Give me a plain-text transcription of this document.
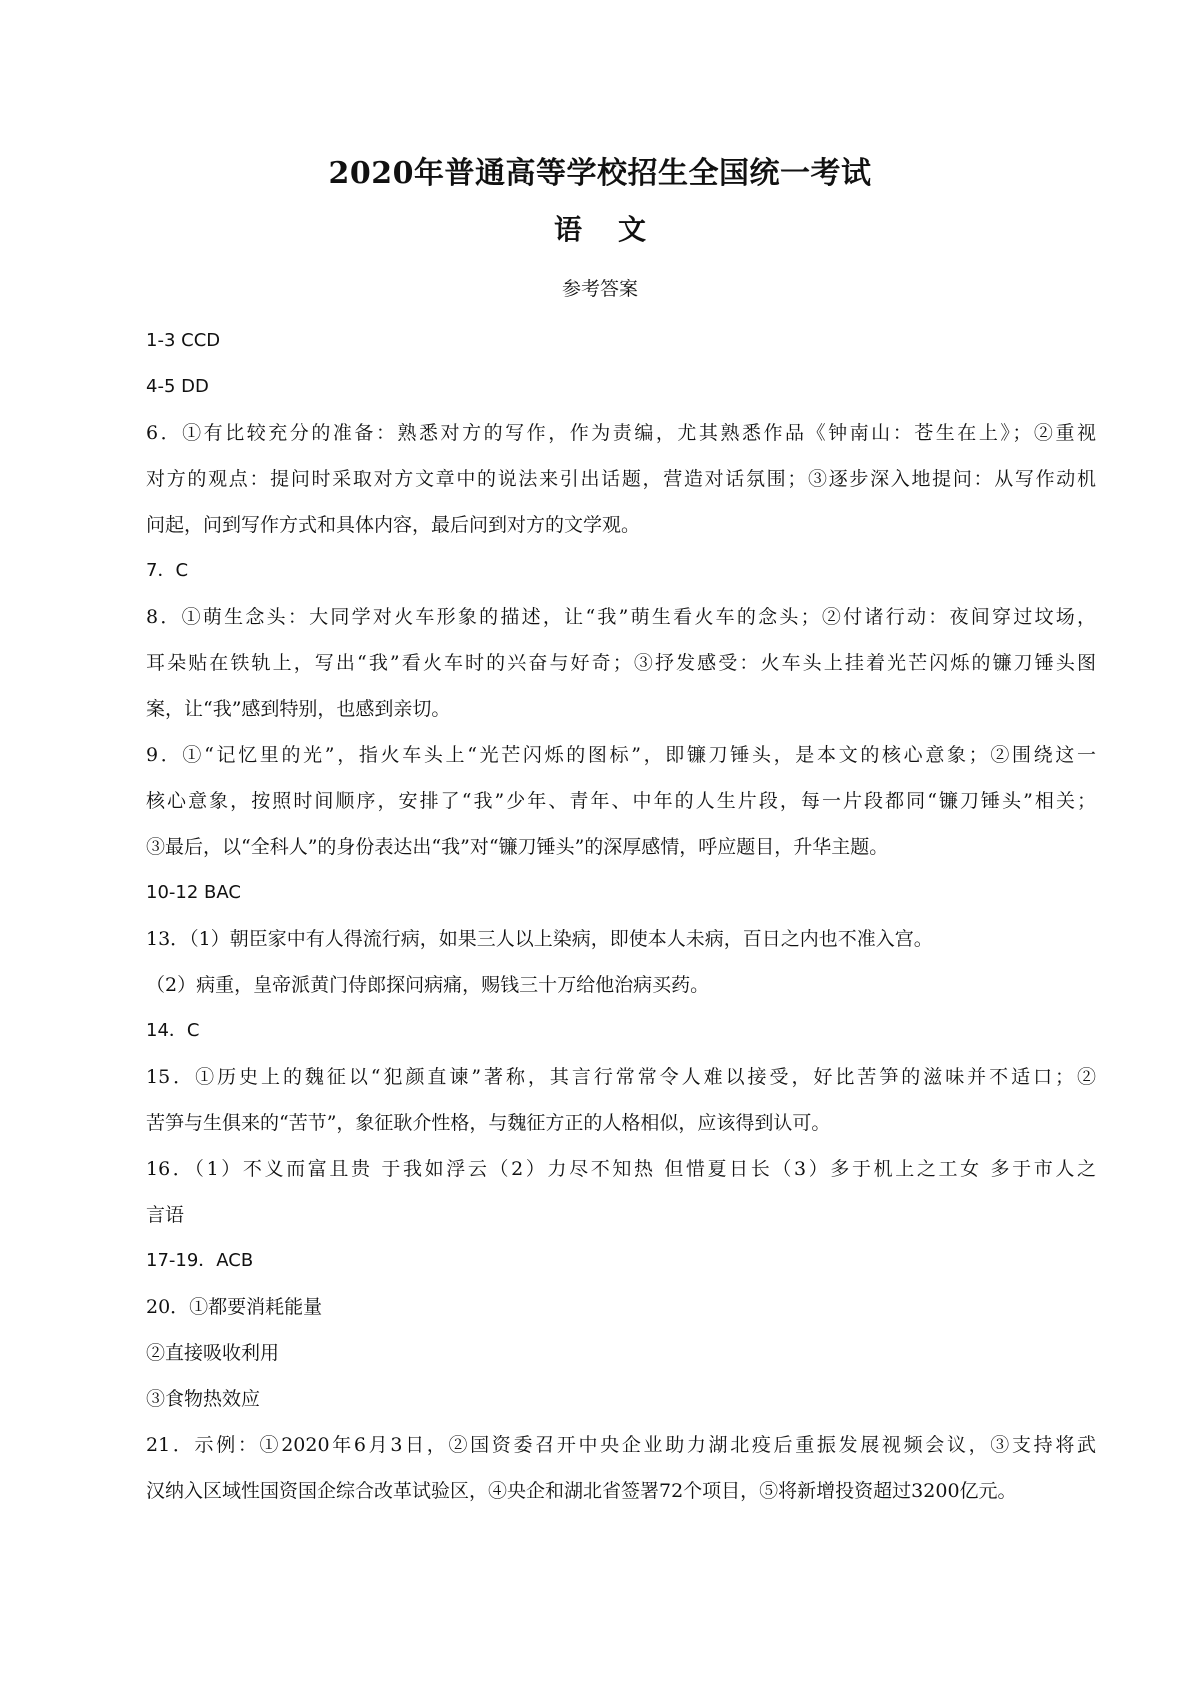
2020年普通高等学校招生全国统一考试
语文
参考答案
1-3 CCD
4-5 DD
6．①有比较充分的准备：熟悉对方的写作，作为责编，尤其熟悉作品《钟南山：苍生在上》；②重视
对方的观点：提问时采取对方文章中的说法来引出话题，营造对话氛围；③逐步深入地提问：从写作动机
问起，问到写作方式和具体内容，最后问到对方的文学观。
7．C
8．①萌生念头：大同学对火车形象的描述，让“我”萌生看火车的念头；②付诸行动：夜间穿过坟场，
耳朵贴在铁轨上，写出“我”看火车时的兴奋与好奇；③抒发感受：火车头上挂着光芒闪烁的镰刀锤头图
案，让“我”感到特别，也感到亲切。
9．①“记忆里的光”，指火车头上“光芒闪烁的图标”，即镰刀锤头，是本文的核心意象；②围绕这一
核心意象，按照时间顺序，安排了“我”少年、青年、中年的人生片段，每一片段都同“镰刀锤头”相关；
③最后，以“全科人”的身份表达出“我”对“镰刀锤头”的深厚感情，呼应题目，升华主题。
10-12 BAC
13．（1）朝臣家中有人得流行病，如果三人以上染病，即使本人未病，百日之内也不准入宫。
（2）病重，皇帝派黄门侍郎探问病痛，赐钱三十万给他治病买药。
14．C
15．①历史上的魏征以“犯颜直谏”著称，其言行常常令人难以接受，好比苦笋的滋味并不适口；②
苦笋与生俱来的“苦节”，象征耿介性格，与魏征方正的人格相似，应该得到认可。
16．（1）不义而富且贵 于我如浮云（2）力尽不知热 但惜夏日长（3）多于机上之工女 多于市人之
言语
17-19．ACB
20．①都要消耗能量
②直接吸收利用
③食物热效应
21．示例：①2020年6月3日，②国资委召开中央企业助力湖北疫后重振发展视频会议，③支持将武
汉纳入区域性国资国企综合改革试验区，④央企和湖北省签署72个项目，⑤将新增投资超过3200亿元。
